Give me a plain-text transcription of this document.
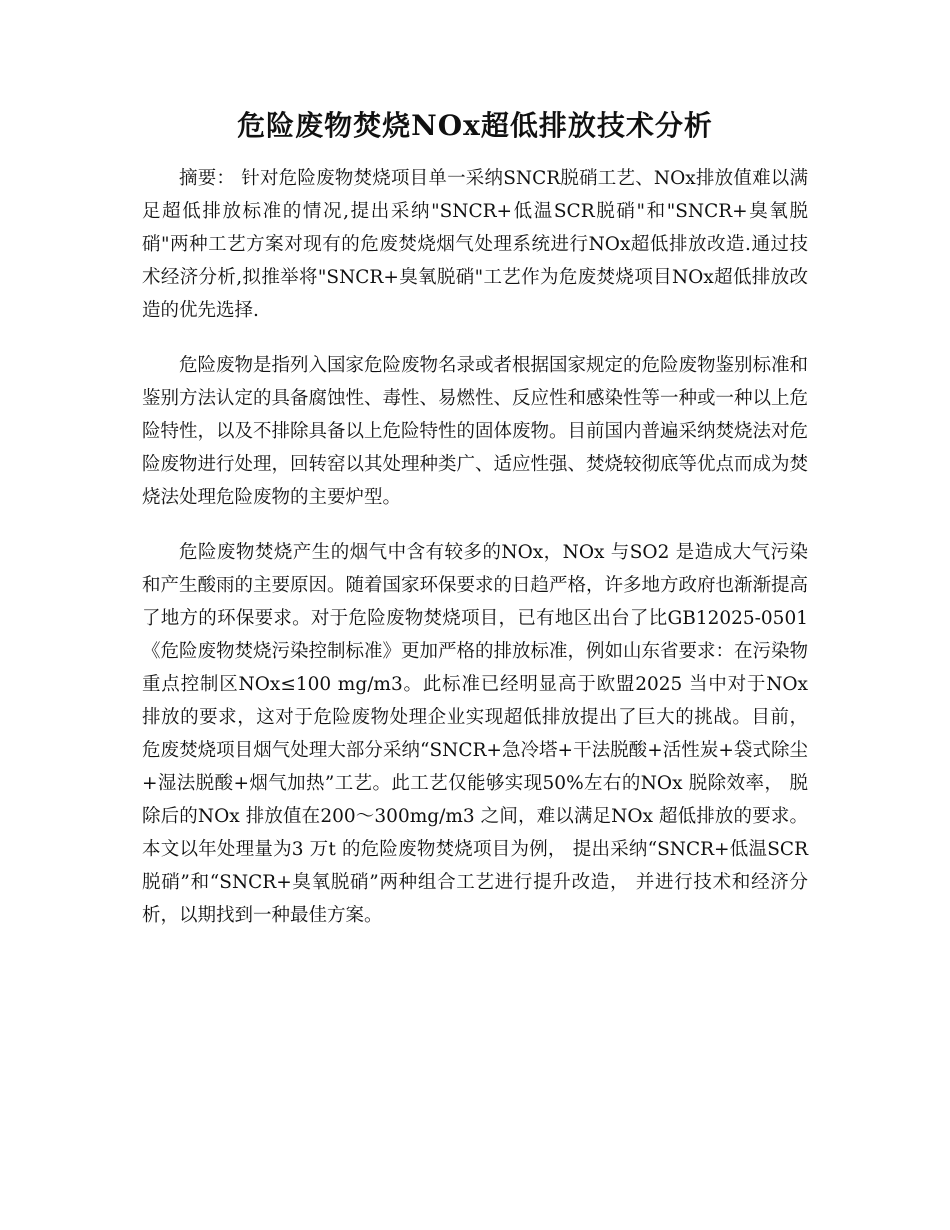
危险废物焚烧NOx超低排放技术分析

摘要： 针对危险废物焚烧项目单一采纳SNCR脱硝工艺、NOx排放值难以满足超低排放标准的情况,提出采纳"SNCR+低温SCR脱硝"和"SNCR+臭氧脱硝"两种工艺方案对现有的危废焚烧烟气处理系统进行NOx超低排放改造.通过技术经济分析,拟推举将"SNCR+臭氧脱硝"工艺作为危废焚烧项目NOx超低排放改造的优先选择.

危险废物是指列入国家危险废物名录或者根据国家规定的危险废物鉴别标准和鉴别方法认定的具备腐蚀性、毒性、易燃性、反应性和感染性等一种或一种以上危险特性，以及不排除具备以上危险特性的固体废物。目前国内普遍采纳焚烧法对危险废物进行处理，回转窑以其处理种类广、适应性强、焚烧较彻底等优点而成为焚烧法处理危险废物的主要炉型。

危险废物焚烧产生的烟气中含有较多的NOx，NOx 与SO2 是造成大气污染和产生酸雨的主要原因。随着国家环保要求的日趋严格，许多地方政府也渐渐提高了地方的环保要求。对于危险废物焚烧项目，已有地区出台了比GB12025-0501《危险废物焚烧污染控制标准》更加严格的排放标准，例如山东省要求：在污染物重点控制区NOx≤100 mg/m3。此标准已经明显高于欧盟2025 当中对于NOx 排放的要求，这对于危险废物处理企业实现超低排放提出了巨大的挑战。目前， 危废焚烧项目烟气处理大部分采纳“SNCR+急冷塔+干法脱酸+活性炭+袋式除尘+湿法脱酸+烟气加热”工艺。此工艺仅能够实现50%左右的NOx 脱除效率， 脱除后的NOx 排放值在200～300mg/m3 之间，难以满足NOx 超低排放的要求。本文以年处理量为3 万t 的危险废物焚烧项目为例， 提出采纳“SNCR+低温SCR 脱硝”和“SNCR+臭氧脱硝”两种组合工艺进行提升改造， 并进行技术和经济分析，以期找到一种最佳方案。
